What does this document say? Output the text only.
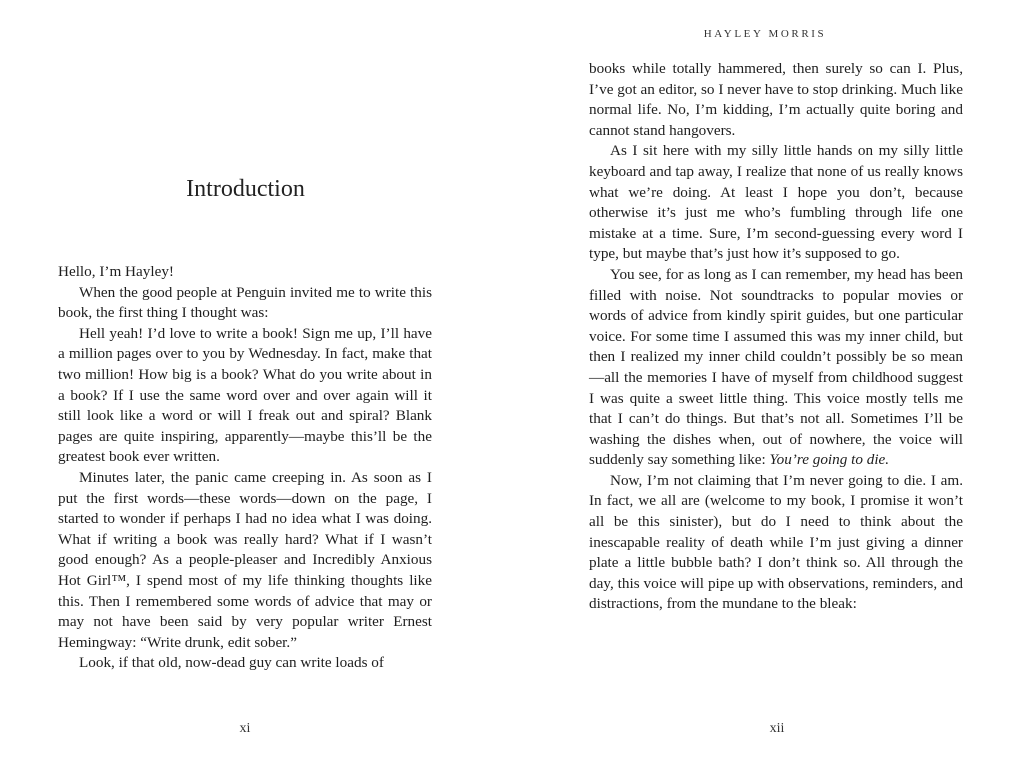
Introduction

Hello, I’m Hayley!

When the good people at Penguin invited me to write this book, the first thing I thought was:

Hell yeah! I’d love to write a book! Sign me up, I’ll have a million pages over to you by Wednesday. In fact, make that two million! How big is a book? What do you write about in a book? If I use the same word over and over again will it still look like a word or will I freak out and spiral? Blank pages are quite inspiring, apparently—maybe this’ll be the greatest book ever written.

Minutes later, the panic came creeping in. As soon as I put the first words—these words—down on the page, I started to wonder if perhaps I had no idea what I was doing. What if writing a book was really hard? What if I wasn’t good enough? As a people-pleaser and Incredibly Anxious Hot Girl™, I spend most of my life thinking thoughts like this. Then I remembered some words of advice that may or may not have been said by very popular writer Ernest Hemingway: “Write drunk, edit sober.”

Look, if that old, now-dead guy can write loads of

xi
HAYLEY MORRIS

books while totally hammered, then surely so can I. Plus, I’ve got an editor, so I never have to stop drinking. Much like normal life. No, I’m kidding, I’m actually quite boring and cannot stand hangovers.

As I sit here with my silly little hands on my silly little keyboard and tap away, I realize that none of us really knows what we’re doing. At least I hope you don’t, because otherwise it’s just me who’s fumbling through life one mistake at a time. Sure, I’m second-guessing every word I type, but maybe that’s just how it’s supposed to go.

You see, for as long as I can remember, my head has been filled with noise. Not soundtracks to popular movies or words of advice from kindly spirit guides, but one particular voice. For some time I assumed this was my inner child, but then I realized my inner child couldn’t possibly be so mean—all the memories I have of myself from childhood suggest I was quite a sweet little thing. This voice mostly tells me that I can’t do things. But that’s not all. Sometimes I’ll be washing the dishes when, out of nowhere, the voice will suddenly say something like: You’re going to die.

Now, I’m not claiming that I’m never going to die. I am. In fact, we all are (welcome to my book, I promise it won’t all be this sinister), but do I need to think about the inescapable reality of death while I’m just giving a dinner plate a little bubble bath? I don’t think so. All through the day, this voice will pipe up with observations, reminders, and distractions, from the mundane to the bleak:

xii
